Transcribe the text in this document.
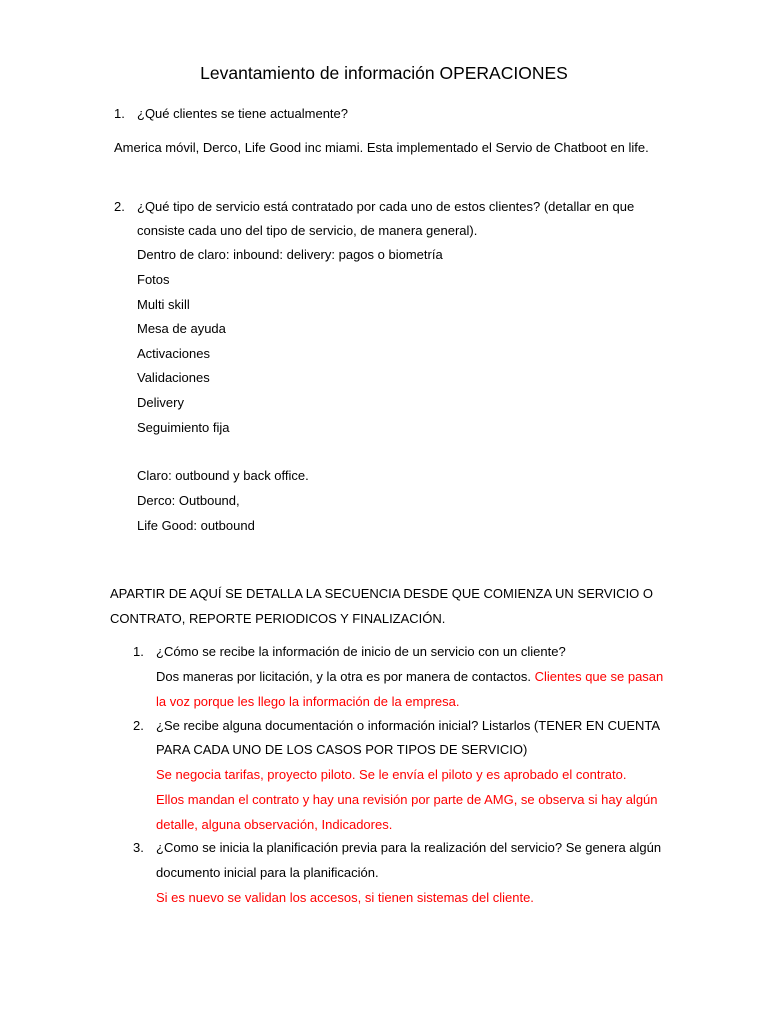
Levantamiento de información OPERACIONES
1. ¿Qué clientes se tiene actualmente?
America móvil, Derco, Life Good inc miami. Esta implementado el Servio de Chatboot en life.
2. ¿Qué tipo de servicio está contratado por cada uno de estos clientes? (detallar en que
consiste cada uno del tipo de servicio, de manera general).
Dentro de claro: inbound: delivery: pagos o biometría
Fotos
Multi skill
Mesa de ayuda
Activaciones
Validaciones
Delivery
Seguimiento fija
Claro: outbound y back office.
Derco: Outbound,
Life Good: outbound
APARTIR DE AQUÍ SE DETALLA LA SECUENCIA DESDE QUE COMIENZA UN SERVICIO O
CONTRATO, REPORTE PERIODICOS Y FINALIZACIÓN.
1. ¿Cómo se recibe la información de inicio de un servicio con un cliente?
Dos maneras por licitación, y la otra es por manera de contactos. Clientes que se pasan
la voz porque les llego la información de la empresa.
2. ¿Se recibe alguna documentación o información inicial? Listarlos (TENER EN CUENTA
PARA CADA UNO DE LOS CASOS POR TIPOS DE SERVICIO)
Se negocia tarifas, proyecto piloto. Se le envía el piloto y es aprobado el contrato.
Ellos mandan el contrato y hay una revisión por parte de AMG, se observa si hay algún
detalle, alguna observación, Indicadores.
3. ¿Como se inicia la planificación previa para la realización del servicio? Se genera algún
documento inicial para la planificación.
Si es nuevo se validan los accesos, si tienen sistemas del cliente.
